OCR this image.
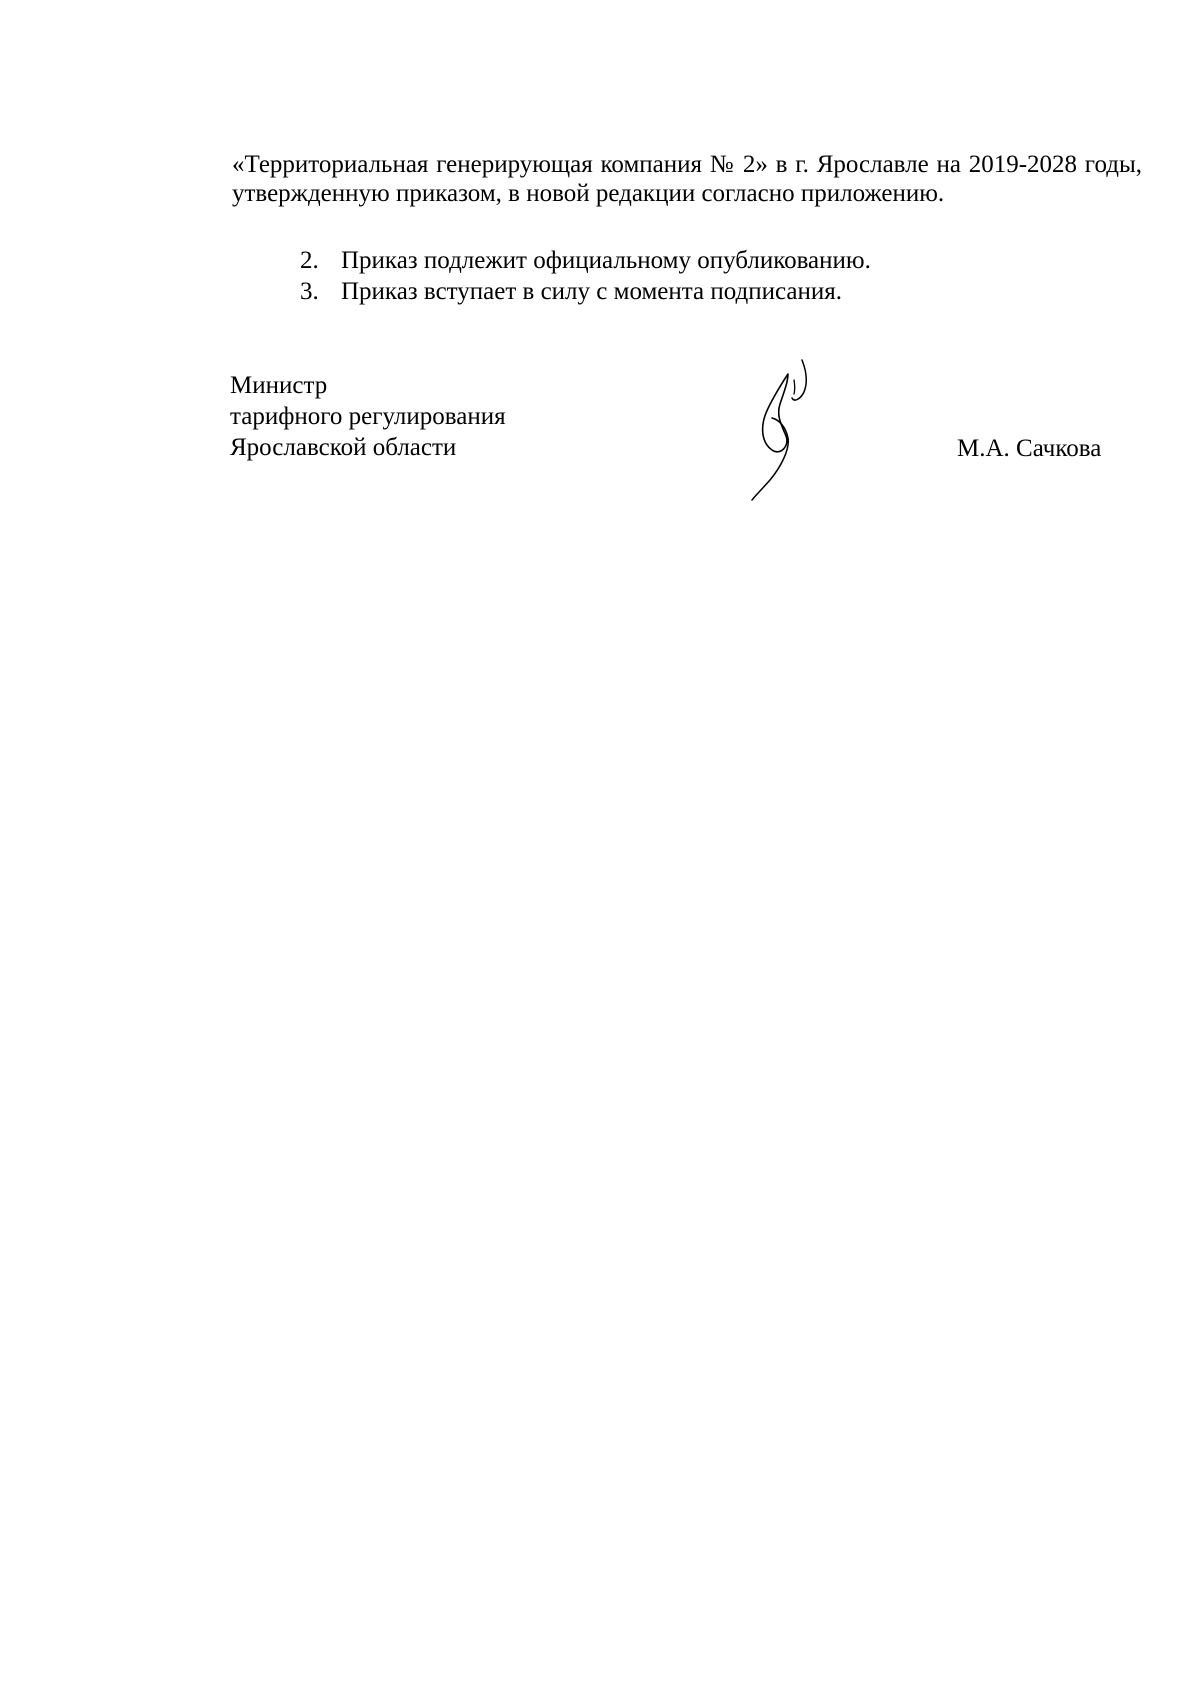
«Территориальная генерирующая компания № 2» в г. Ярославле на 2019-2028 годы, утвержденную приказом, в новой редакции согласно приложению.

2. Приказ подлежит официальному опубликованию.
3. Приказ вступает в силу с момента подписания.
Министр
тарифного регулирования
Ярославской области	М.А. Сачкова
